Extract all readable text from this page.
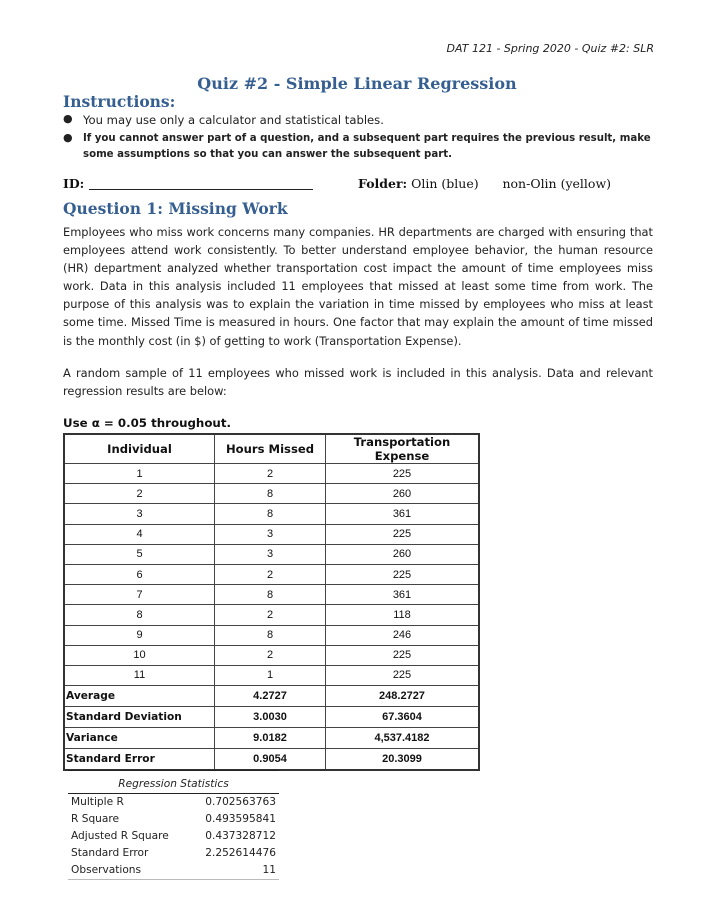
DAT 121 - Spring 2020 - Quiz #2: SLR
Quiz #2 - Simple Linear Regression
Instructions:
● You may use only a calculator and statistical tables.
● If you cannot answer part of a question, and a subsequent part requires the previous result, make some assumptions so that you can answer the subsequent part.
ID:	Folder: Olin (blue)      non-Olin (yellow)
Question 1: Missing Work
Employees who miss work concerns many companies. HR departments are charged with ensuring that employees attend work consistently. To better understand employee behavior, the human resource (HR) department analyzed whether transportation cost impact the amount of time employees miss work. Data in this analysis included 11 employees that missed at least some time from work. The purpose of this analysis was to explain the variation in time missed by employees who miss at least some time. Missed Time is measured in hours. One factor that may explain the amount of time missed is the monthly cost (in $) of getting to work (Transportation Expense).
A random sample of 11 employees who missed work is included in this analysis. Data and relevant regression results are below:
Use α = 0.05 throughout.
Individual	Hours Missed	Transportation Expense
1	2	225
2	8	260
3	8	361
4	3	225
5	3	260
6	2	225
7	8	361
8	2	118
9	8	246
10	2	225
11	1	225
Average	4.2727	248.2727
Standard Deviation	3.0030	67.3604
Variance	9.0182	4,537.4182
Standard Error	0.9054	20.3099
Regression Statistics
Multiple R	0.702563763
R Square	0.493595841
Adjusted R Square	0.437328712
Standard Error	2.252614476
Observations	11
